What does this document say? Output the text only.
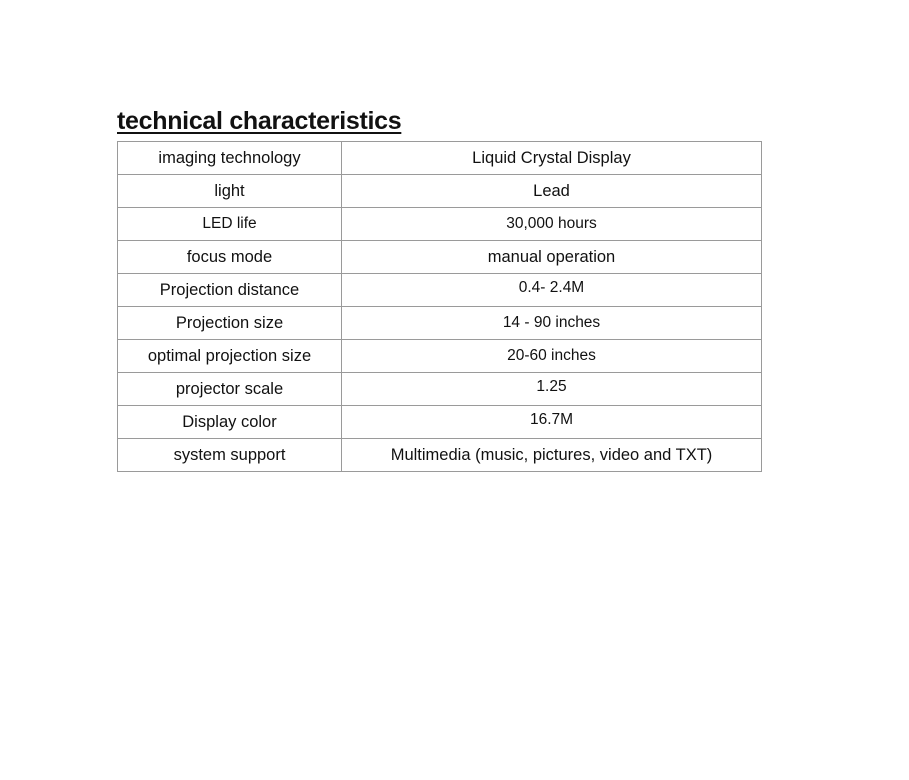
technical characteristics
imaging technology	Liquid Crystal Display
light	Lead
LED life	30,000 hours
focus mode	manual operation
Projection distance	0.4- 2.4M
Projection size	14 - 90 inches
optimal projection size	20-60 inches
projector scale	1.25
Display color	16.7M
system support	Multimedia (music, pictures, video and TXT)
